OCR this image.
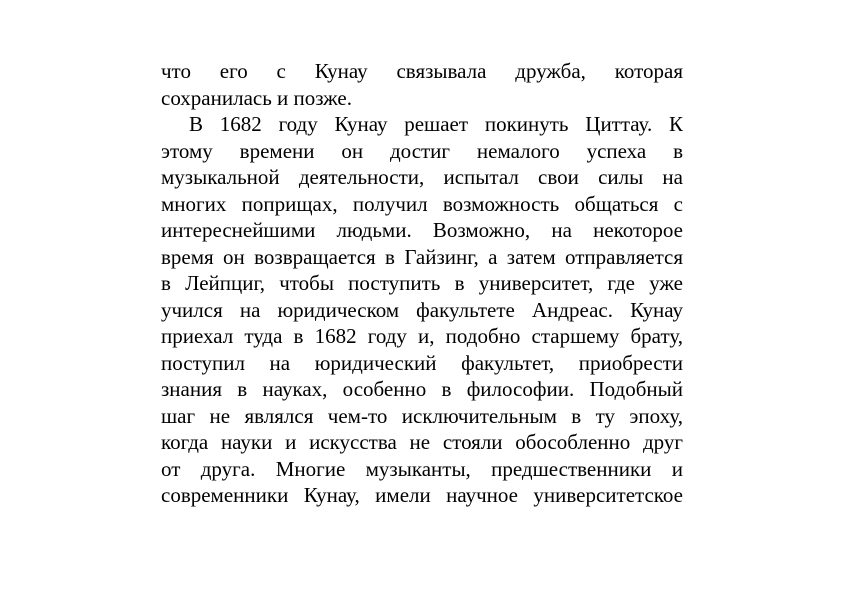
что его с Кунау связывала дружба, которая
сохранилась и позже.
В 1682 году Кунау решает покинуть Циттау. К
этому времени он достиг немалого успеха в
музыкальной деятельности, испытал свои силы на
многих поприщах, получил возможность общаться с
интереснейшими людьми. Возможно, на некоторое
время он возвращается в Гайзинг, а затем отправляется
в Лейпциг, чтобы поступить в университет, где уже
учился на юридическом факультете Андреас. Кунау
приехал туда в 1682 году и, подобно старшему брату,
поступил на юридический факультет, приобрести
знания в науках, особенно в философии. Подобный
шаг не являлся чем-то исключительным в ту эпоху,
когда науки и искусства не стояли обособленно друг
от друга. Многие музыканты, предшественники и
современники Кунау, имели научное университетское
